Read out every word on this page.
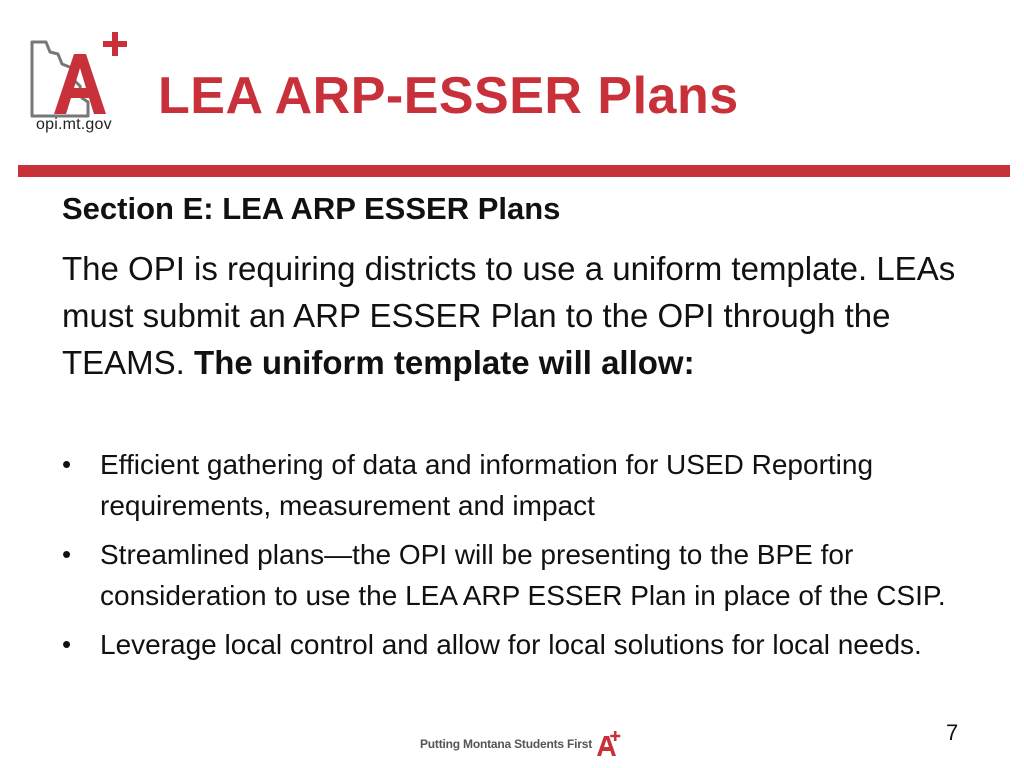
opi.mt.gov LEA ARP-ESSER Plans
Section E: LEA ARP ESSER Plans

The OPI is requiring districts to use a uniform template. LEAs must submit an ARP ESSER Plan to the OPI through the TEAMS. The uniform template will allow:

• Efficient gathering of data and information for USED Reporting requirements, measurement and impact
• Streamlined plans—the OPI will be presenting to the BPE for consideration to use the LEA ARP ESSER Plan in place of the CSIP.
• Leverage local control and allow for local solutions for local needs.
Putting Montana Students First	7
